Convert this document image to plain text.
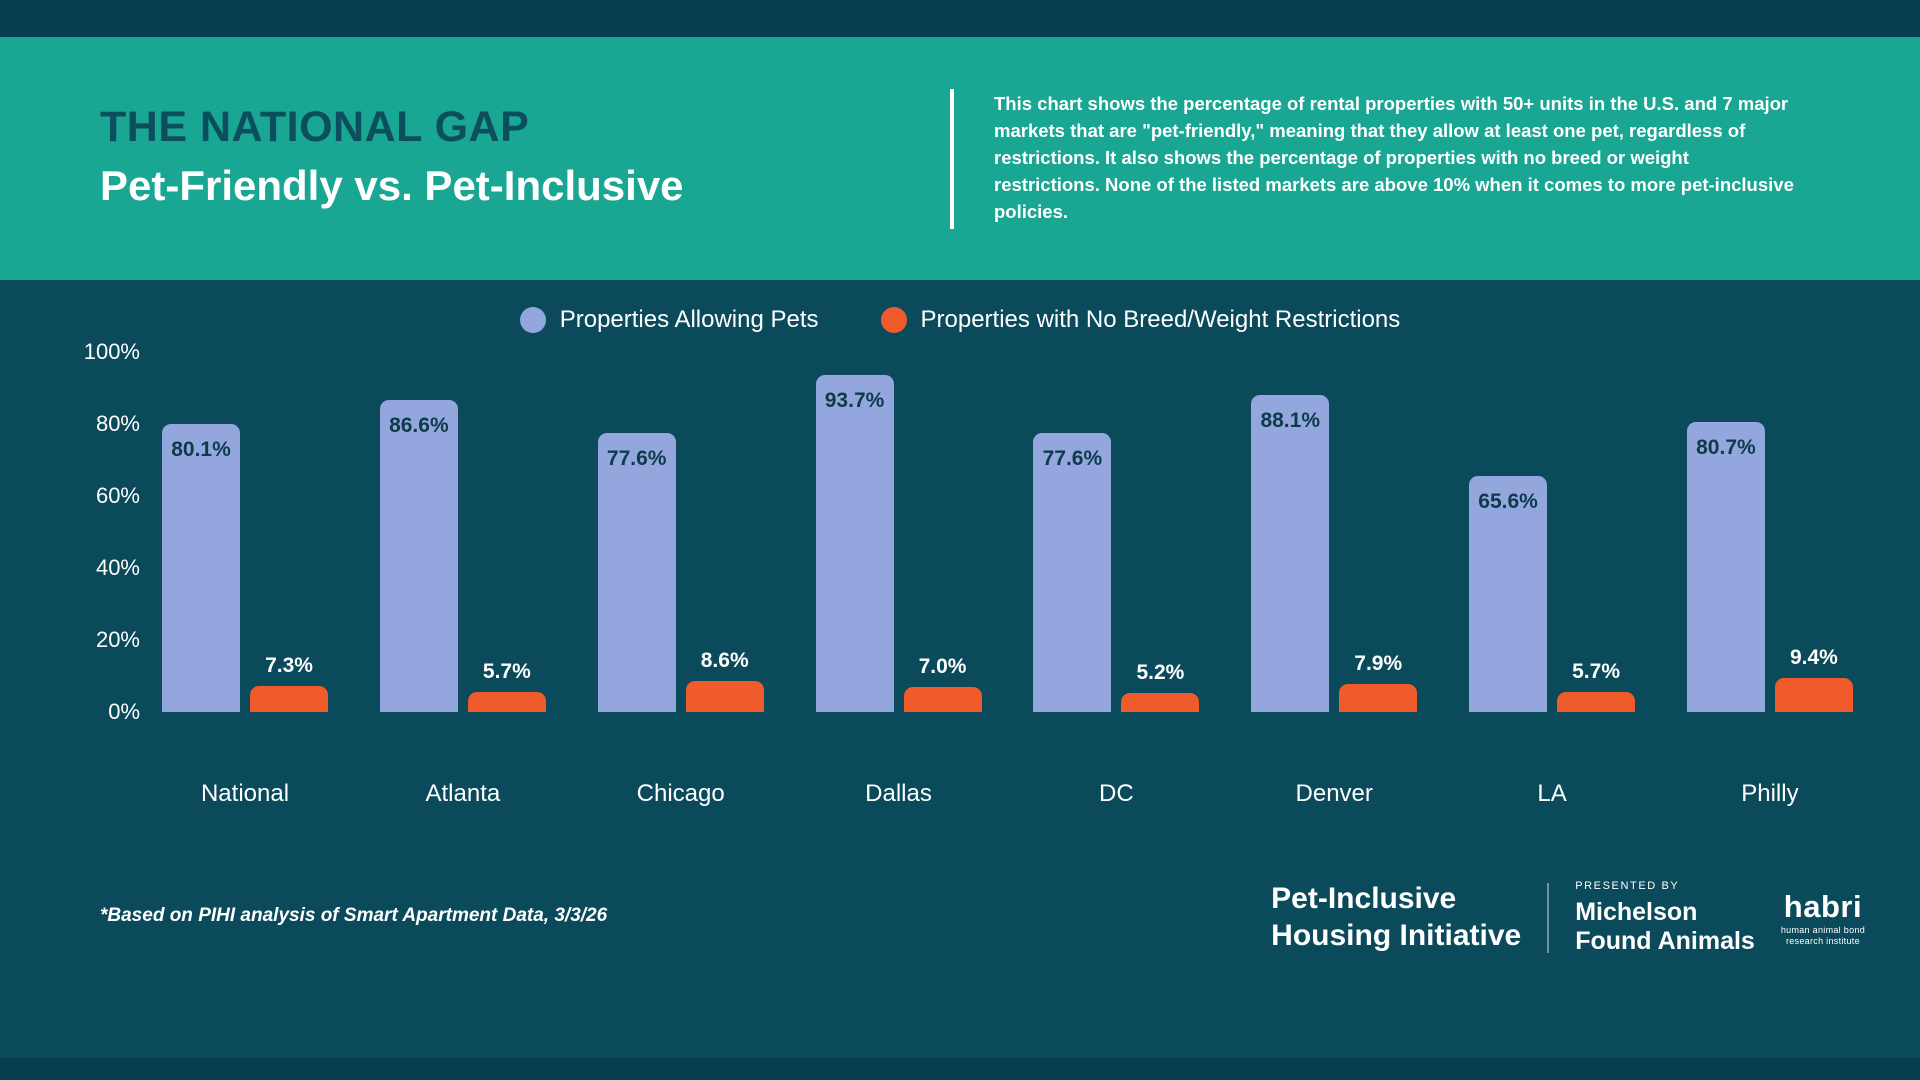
THE NATIONAL GAP
Pet-Friendly vs. Pet-Inclusive
This chart shows the percentage of rental properties with 50+ units in the U.S. and 7 major markets that are "pet-friendly," meaning that they allow at least one pet, regardless of restrictions. It also shows the percentage of properties with no breed or weight restrictions. None of the listed markets are above 10% when it comes to more pet-inclusive policies.
Properties Allowing Pets	Properties with No Breed/Weight Restrictions
100%
80%
60%
40%
20%
0%
80.1%
7.3%
86.6%
5.7%
77.6%
8.6%
93.7%
7.0%
77.6%
5.2%
88.1%
7.9%
65.6%
5.7%
80.7%
9.4%
National	Atlanta	Chicago	Dallas	DC	Denver	LA	Philly
*Based on PIHI analysis of Smart Apartment Data, 3/3/26
Pet-Inclusive
Housing Initiative
PRESENTED BY
Michelson
Found Animals
habri
human animal bond
research institute
